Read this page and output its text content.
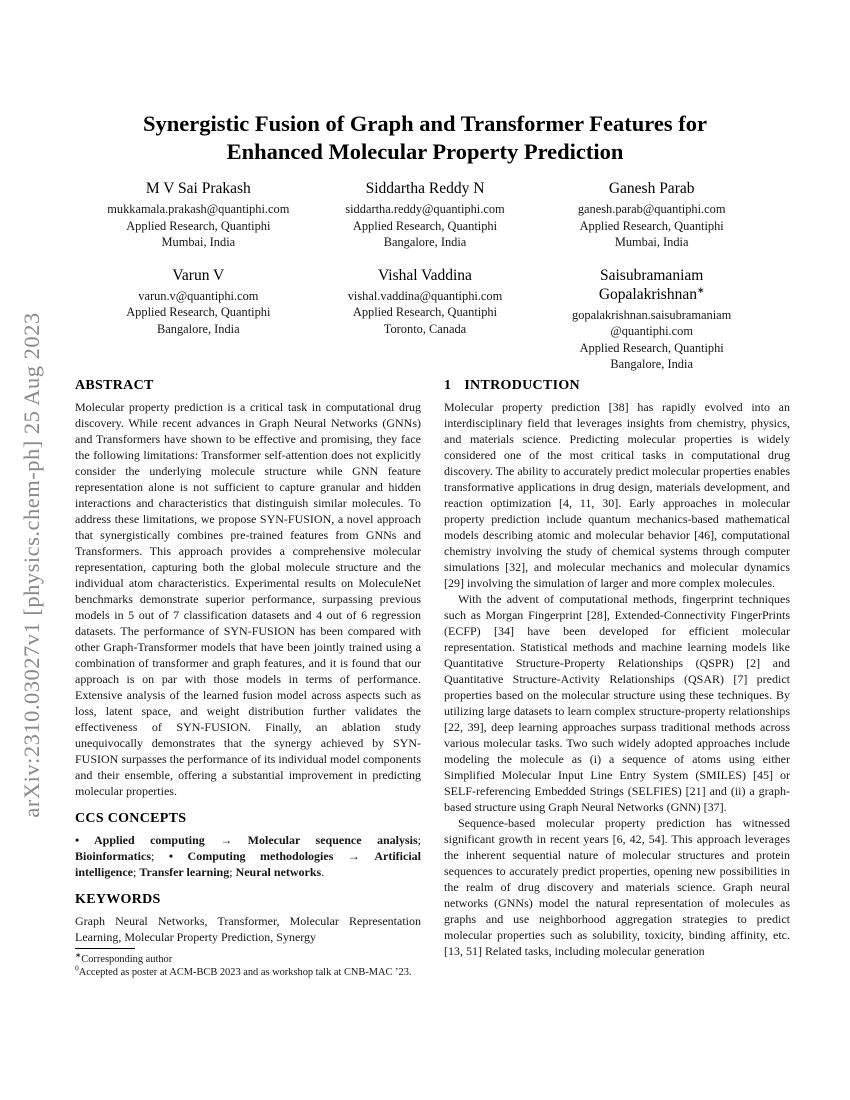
arXiv:2310.03027v1 [physics.chem-ph] 25 Aug 2023
Synergistic Fusion of Graph and Transformer Features for
Enhanced Molecular Property Prediction
M V Sai Prakash
mukkamala.prakash@quantiphi.com
Applied Research, Quantiphi
Mumbai, India
Siddartha Reddy N
siddartha.reddy@quantiphi.com
Applied Research, Quantiphi
Bangalore, India
Ganesh Parab
ganesh.parab@quantiphi.com
Applied Research, Quantiphi
Mumbai, India
Varun V
varun.v@quantiphi.com
Applied Research, Quantiphi
Bangalore, India
Vishal Vaddina
vishal.vaddina@quantiphi.com
Applied Research, Quantiphi
Toronto, Canada
Saisubramaniam Gopalakrishnan∗
gopalakrishnan.saisubramaniam
@quantiphi.com
Applied Research, Quantiphi
Bangalore, India
ABSTRACT

Molecular property prediction is a critical task in computational drug discovery. While recent advances in Graph Neural Networks (GNNs) and Transformers have shown to be effective and promising, they face the following limitations: Transformer self-attention does not explicitly consider the underlying molecule structure while GNN feature representation alone is not sufficient to capture granular and hidden interactions and characteristics that distinguish similar molecules. To address these limitations, we propose SYN-FUSION, a novel approach that synergistically combines pre-trained features from GNNs and Transformers. This approach provides a comprehensive molecular representation, capturing both the global molecule structure and the individual atom characteristics. Experimental results on MoleculeNet benchmarks demonstrate superior performance, surpassing previous models in 5 out of 7 classification datasets and 4 out of 6 regression datasets. The performance of SYN-FUSION has been compared with other Graph-Transformer models that have been jointly trained using a combination of transformer and graph features, and it is found that our approach is on par with those models in terms of performance. Extensive analysis of the learned fusion model across aspects such as loss, latent space, and weight distribution further validates the effectiveness of SYN-FUSION. Finally, an ablation study unequivocally demonstrates that the synergy achieved by SYN-FUSION surpasses the performance of its individual model components and their ensemble, offering a substantial improvement in predicting molecular properties.

CCS CONCEPTS

• Applied computing → Molecular sequence analysis; Bioinformatics; • Computing methodologies → Artificial intelligence; Transfer learning; Neural networks.

KEYWORDS

Graph Neural Networks, Transformer, Molecular Representation Learning, Molecular Property Prediction, Synergy

1 INTRODUCTION

Molecular property prediction [38] has rapidly evolved into an interdisciplinary field that leverages insights from chemistry, physics, and materials science. Predicting molecular properties is widely considered one of the most critical tasks in computational drug discovery. The ability to accurately predict molecular properties enables transformative applications in drug design, materials development, and reaction optimization [4, 11, 30]. Early approaches in molecular property prediction include quantum mechanics-based mathematical models describing atomic and molecular behavior [46], computational chemistry involving the study of chemical systems through computer simulations [32], and molecular mechanics and molecular dynamics [29] involving the simulation of larger and more complex molecules.

With the advent of computational methods, fingerprint techniques such as Morgan Fingerprint [28], Extended-Connectivity FingerPrints (ECFP) [34] have been developed for efficient molecular representation. Statistical methods and machine learning models like Quantitative Structure-Property Relationships (QSPR) [2] and Quantitative Structure-Activity Relationships (QSAR) [7] predict properties based on the molecular structure using these techniques. By utilizing large datasets to learn complex structure-property relationships [22, 39], deep learning approaches surpass traditional methods across various molecular tasks. Two such widely adopted approaches include modeling the molecule as (i) a sequence of atoms using either Simplified Molecular Input Line Entry System (SMILES) [45] or SELF-referencing Embedded Strings (SELFIES) [21] and (ii) a graph-based structure using Graph Neural Networks (GNN) [37].

Sequence-based molecular property prediction has witnessed significant growth in recent years [6, 42, 54]. This approach leverages the inherent sequential nature of molecular structures and protein sequences to accurately predict properties, opening new possibilities in the realm of drug discovery and materials science. Graph neural networks (GNNs) model the natural representation of molecules as graphs and use neighborhood aggregation strategies to predict molecular properties such as solubility, toxicity, binding affinity, etc. [13, 51] Related tasks, including molecular generation

∗Corresponding author
$^0$Accepted as poster at ACM-BCB 2023 and as workshop talk at CNB-MAC ’23.
